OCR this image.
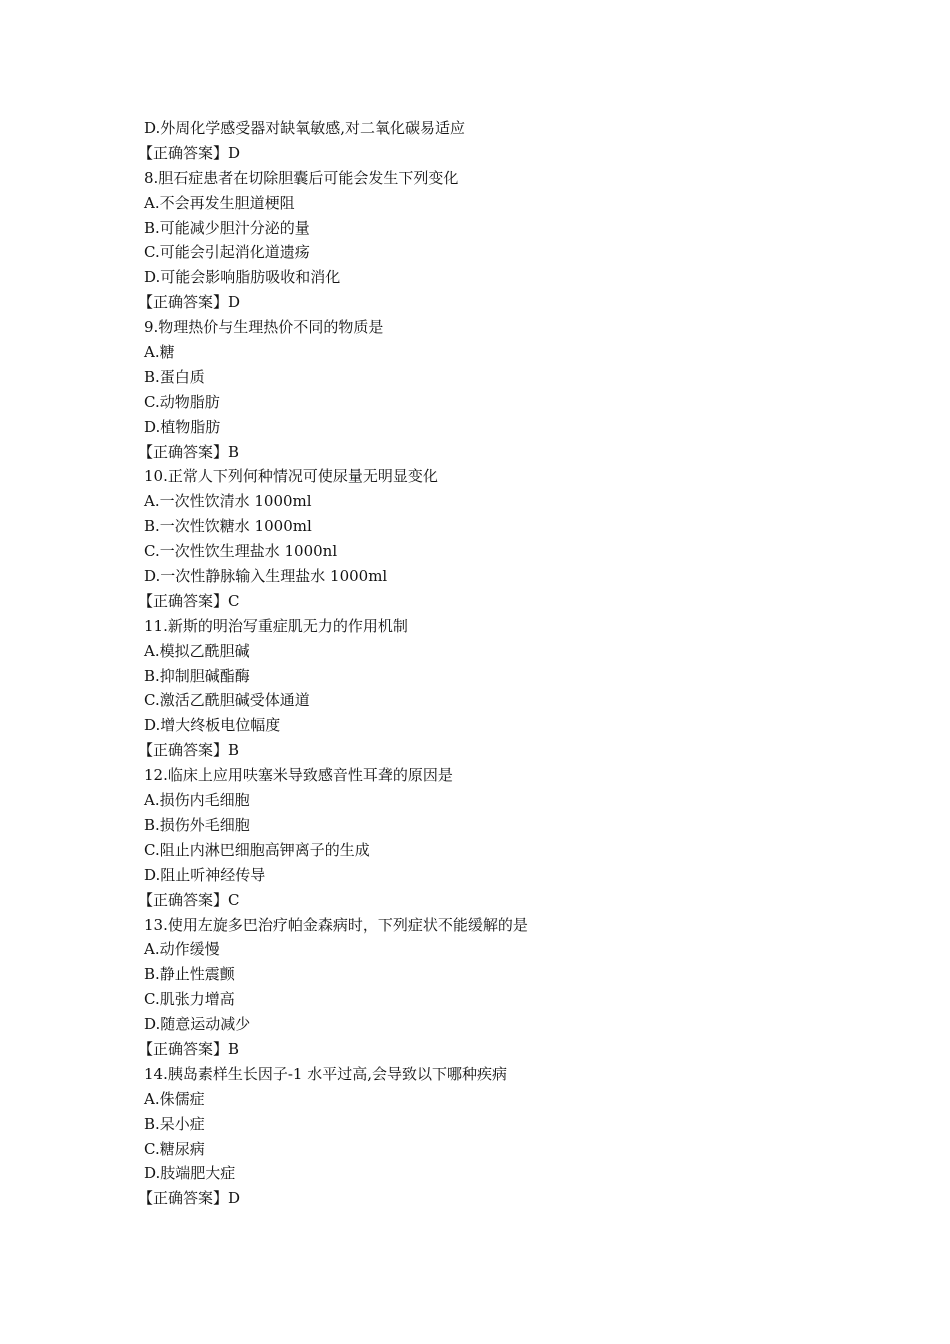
D.外周化学感受器对缺氧敏感,对二氧化碳易适应
【正确答案】D
8.胆石症患者在切除胆囊后可能会发生下列变化
A.不会再发生胆道梗阻
B.可能减少胆汁分泌的量
C.可能会引起消化道遗疡
D.可能会影响脂肪吸收和消化
【正确答案】D
9.物理热价与生理热价不同的物质是
A.糖
B.蛋白质
C.动物脂肪
D.植物脂肪
【正确答案】B
10.正常人下列何种情况可使尿量无明显变化
A.一次性饮清水 1000ml
B.一次性饮糖水 1000ml
C.一次性饮生理盐水 1000nl
D.一次性静脉输入生理盐水 1000ml
【正确答案】C
11.新斯的明治写重症肌无力的作用机制
A.模拟乙酰胆碱
B.抑制胆碱酯酶
C.激活乙酰胆碱受体通道
D.增大终板电位幅度
【正确答案】B
12.临床上应用呋塞米导致感音性耳聋的原因是
A.损伤内毛细胞
B.损伤外毛细胞
C.阻止内淋巴细胞高钾离子的生成
D.阻止听神经传导
【正确答案】C
13.使用左旋多巴治疗帕金森病时，下列症状不能缓解的是
A.动作缓慢
B.静止性震颤
C.肌张力增高
D.随意运动减少
【正确答案】B
14.胰岛素样生长因子-1 水平过高,会导致以下哪种疾病
A.侏儒症
B.呆小症
C.糖尿病
D.肢端肥大症
【正确答案】D
